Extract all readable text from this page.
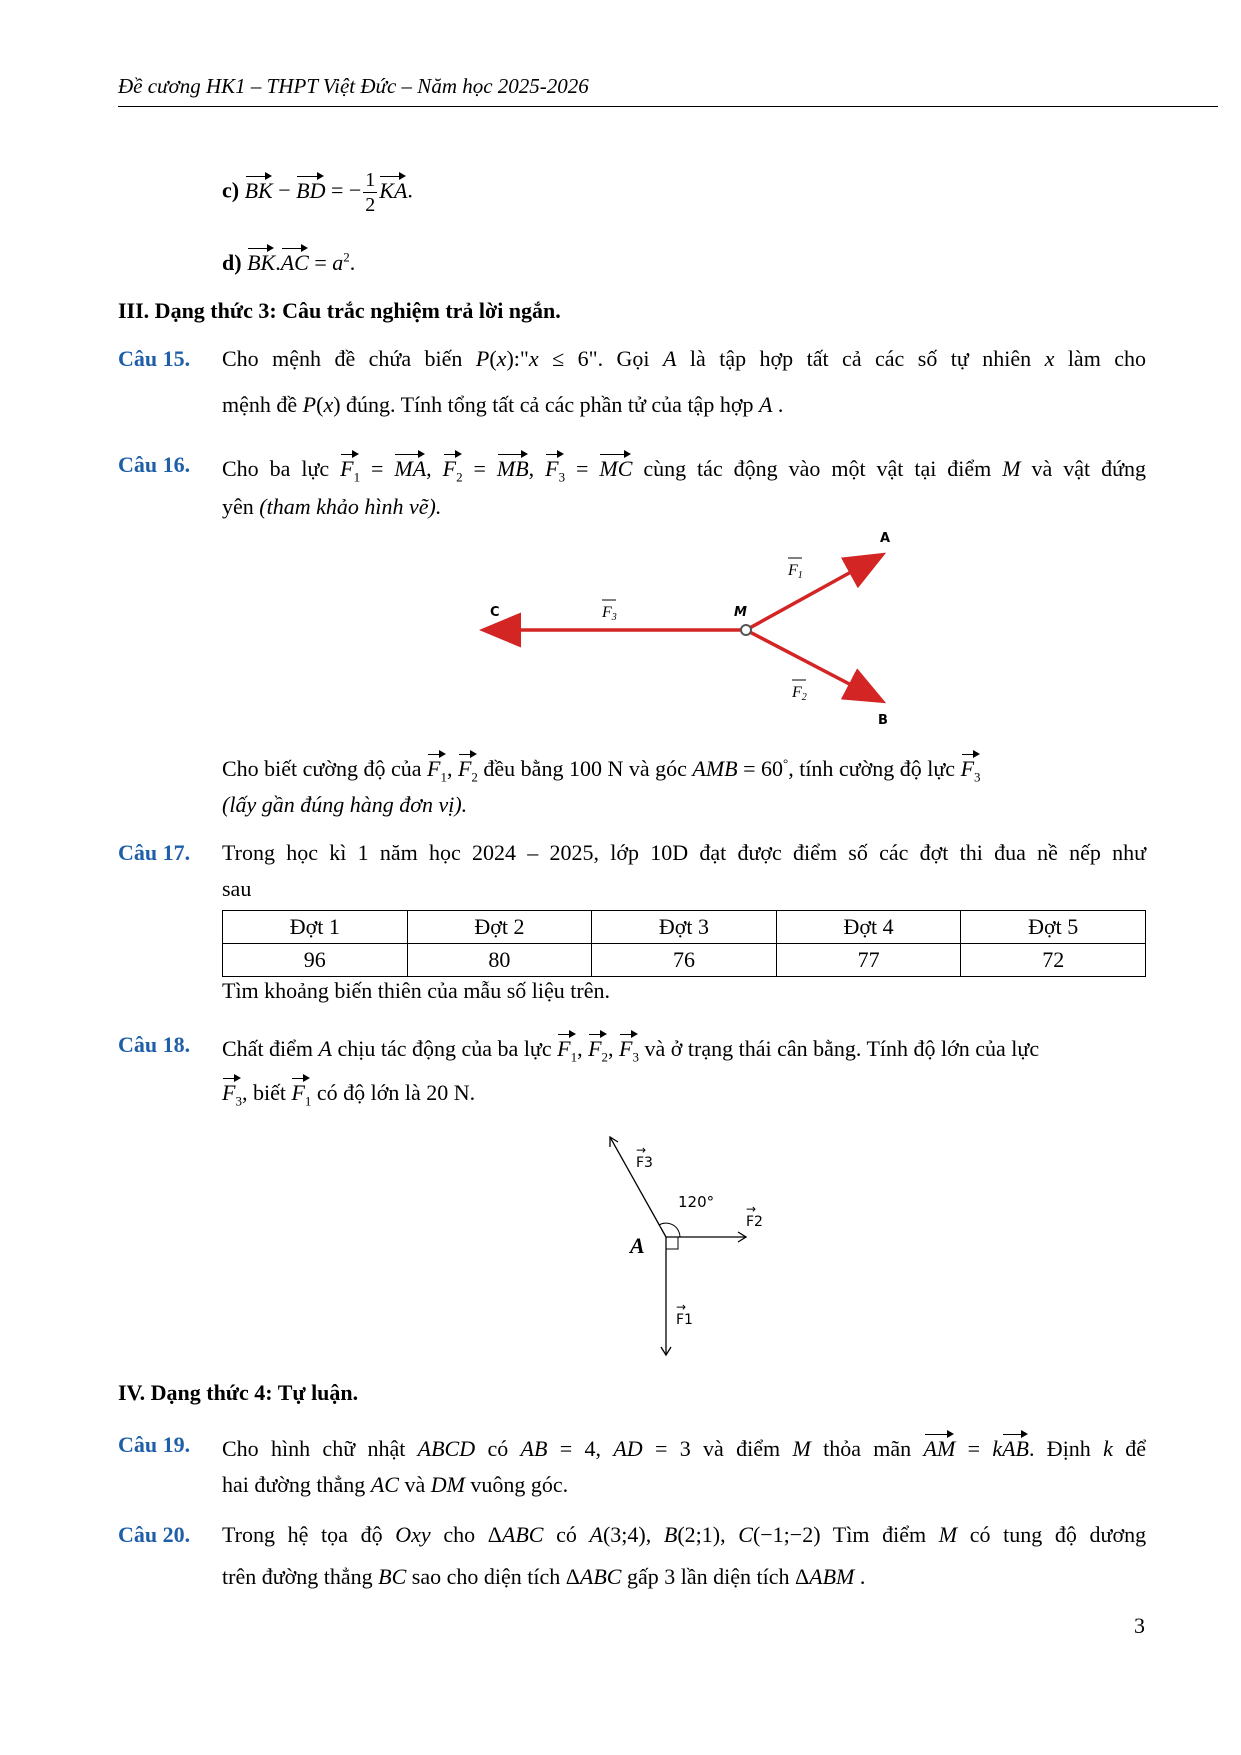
Đề cương HK1 – THPT Việt Đức – Năm học 2025-2026
c) BK − BD = − $\frac{1}{2}$ KA.
d) $BK.AC = a^2$.
III. Dạng thức 3: Câu trắc nghiệm trả lời ngắn.
Câu 15. Cho mệnh đề chứa biến P(x):"x ≤ 6". Gọi A là tập hợp tất cả các số tự nhiên x làm cho
mệnh đề P(x) đúng. Tính tổng tất cả các phần tử của tập hợp A .
Câu 16. Cho ba lực $F_1$ = MA, $F_2$ = MB, $F_3$ = MC cùng tác động vào một vật tại điểm M và vật đứng
yên (tham khảo hình vẽ).
A
B
C	M
F1
F3
F2
Cho biết cường độ của $F_1$, $F_2$ đều bằng 100 N và góc AMB = 60°, tính cường độ lực $F_3$
(lấy gần đúng hàng đơn vị).
Câu 17. Trong học kì 1 năm học 2024 – 2025, lớp 10D đạt được điểm số các đợt thi đua nề nếp như
sau
Đợt 1	Đợt 2	Đợt 3	Đợt 4	Đợt 5
96	80	76	77	72
Tìm khoảng biến thiên của mẫu số liệu trên.
Câu 18. Chất điểm A chịu tác động của ba lực $F_1$, $F_2$, $F_3$ và ở trạng thái cân bằng. Tính độ lớn của lực
$F_3$, biết $F_1$ có độ lớn là 20 N.
A
120°
→
F3
→
F2
→
F1
IV. Dạng thức 4: Tự luận.
Câu 19. Cho hình chữ nhật ABCD có AB = 4, AD = 3 và điểm M thỏa mãn AM = kAB. Định k để
hai đường thẳng AC và DM vuông góc.
Câu 20. Trong hệ tọa độ Oxy cho ΔABC có A(3;4), B(2;1), C(−1;−2) Tìm điểm M có tung độ dương
trên đường thẳng BC sao cho diện tích ΔABC gấp 3 lần diện tích ΔABM .
3
